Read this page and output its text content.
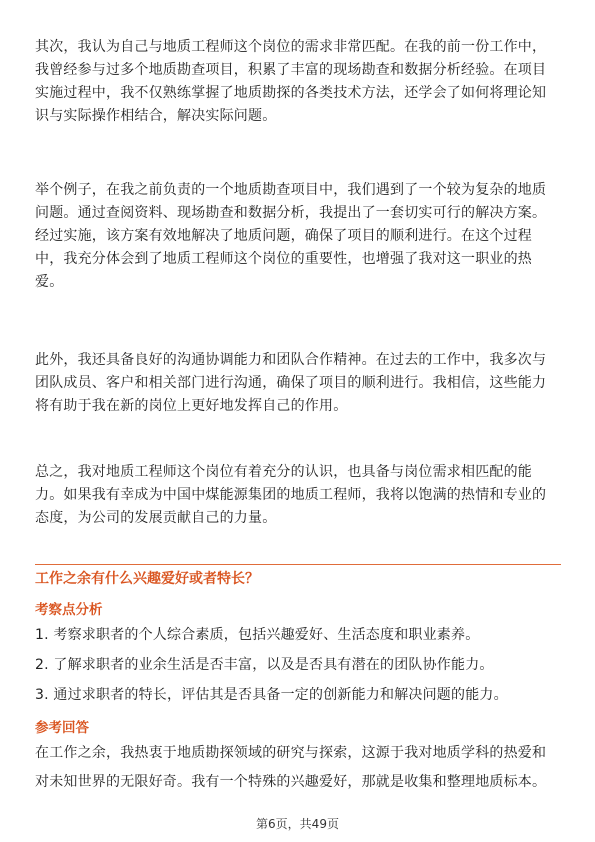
其次，我认为自己与地质工程师这个岗位的需求非常匹配。在我的前一份工作中，
我曾经参与过多个地质勘查项目，积累了丰富的现场勘查和数据分析经验。在项目
实施过程中，我不仅熟练掌握了地质勘探的各类技术方法，还学会了如何将理论知
识与实际操作相结合，解决实际问题。
举个例子，在我之前负责的一个地质勘查项目中，我们遇到了一个较为复杂的地质
问题。通过查阅资料、现场勘查和数据分析，我提出了一套切实可行的解决方案。
经过实施，该方案有效地解决了地质问题，确保了项目的顺利进行。在这个过程
中，我充分体会到了地质工程师这个岗位的重要性，也增强了我对这一职业的热
爱。
此外，我还具备良好的沟通协调能力和团队合作精神。在过去的工作中，我多次与
团队成员、客户和相关部门进行沟通，确保了项目的顺利进行。我相信，这些能力
将有助于我在新的岗位上更好地发挥自己的作用。
总之，我对地质工程师这个岗位有着充分的认识，也具备与岗位需求相匹配的能
力。如果我有幸成为中国中煤能源集团的地质工程师，我将以饱满的热情和专业的
态度，为公司的发展贡献自己的力量。
工作之余有什么兴趣爱好或者特长？
考察点分析
1. 考察求职者的个人综合素质，包括兴趣爱好、生活态度和职业素养。
2. 了解求职者的业余生活是否丰富，以及是否具有潜在的团队协作能力。
3. 通过求职者的特长，评估其是否具备一定的创新能力和解决问题的能力。
参考回答
在工作之余，我热衷于地质勘探领域的研究与探索，这源于我对地质学科的热爱和
对未知世界的无限好奇。我有一个特殊的兴趣爱好，那就是收集和整理地质标本。
第6页，共49页
